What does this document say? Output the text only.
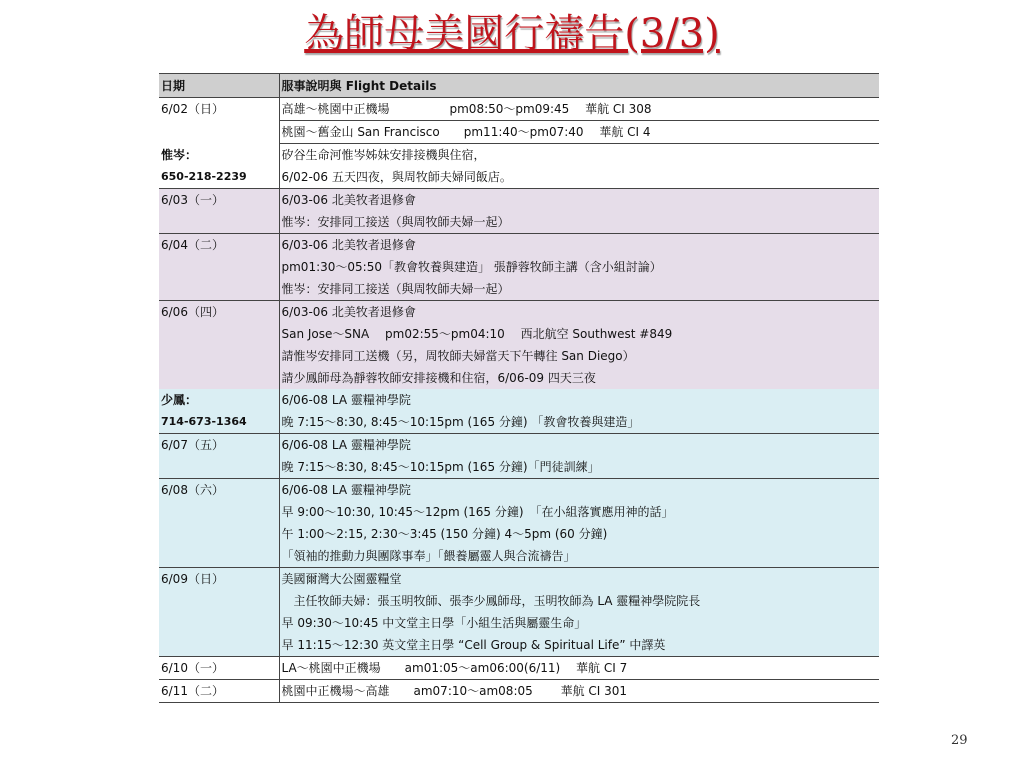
為師母美國行禱告(3/3)
日期	服事說明與 Flight Details
6/02（日）	高雄～桃園中正機場　　　　　pm08:50～pm09:45　 華航 CI 308
	桃園～舊金山 San Francisco　　pm11:40～pm07:40　 華航 CI 4
惟岑：	矽谷生命河惟岑姊妹安排接機與住宿，
650-218-2239	6/02-06 五天四夜，與周牧師夫婦同飯店。
6/03（一）	6/03-06 北美牧者退修會
	惟岑：安排同工接送（與周牧師夫婦一起）
6/04（二）	6/03-06 北美牧者退修會
	pm01:30～05:50「教會牧養與建造」 張靜蓉牧師主講（含小組討論）
	惟岑：安排同工接送（與周牧師夫婦一起）
6/06（四）	6/03-06 北美牧者退修會
	San Jose～SNA　 pm02:55～pm04:10　 西北航空 Southwest #849
	請惟岑安排同工送機（另，周牧師夫婦當天下午轉往 San Diego）
	請少鳳師母為靜蓉牧師安排接機和住宿，6/06-09 四天三夜
少鳳：	6/06-08 LA 靈糧神學院
714-673-1364	晚 7:15～8:30, 8:45～10:15pm (165 分鐘) 「教會牧養與建造」
6/07（五）	6/06-08 LA 靈糧神學院
	晚 7:15～8:30, 8:45～10:15pm (165 分鐘)「門徒訓練」
6/08（六）	6/06-08 LA 靈糧神學院
	早 9:00～10:30, 10:45～12pm (165 分鐘)　「在小組落實應用神的話」
	午 1:00～2:15, 2:30～3:45 (150 分鐘) 4～5pm (60 分鐘)
	「領袖的推動力與團隊事奉」「餵養屬靈人與合流禱告」
6/09（日）	美國爾灣大公園靈糧堂
	　主任牧師夫婦：張玉明牧師、張李少鳳師母，玉明牧師為 LA 靈糧神學院院長
	早 09:30～10:45 中文堂主日學「小組生活與屬靈生命」
	早 11:15～12:30 英文堂主日學 “Cell Group & Spiritual Life” 中譯英
6/10（一）	LA～桃園中正機場　　am01:05～am06:00(6/11)　 華航 CI 7
6/11（二）	桃園中正機場～高雄　　am07:10～am08:05　　 華航 CI 301
29
